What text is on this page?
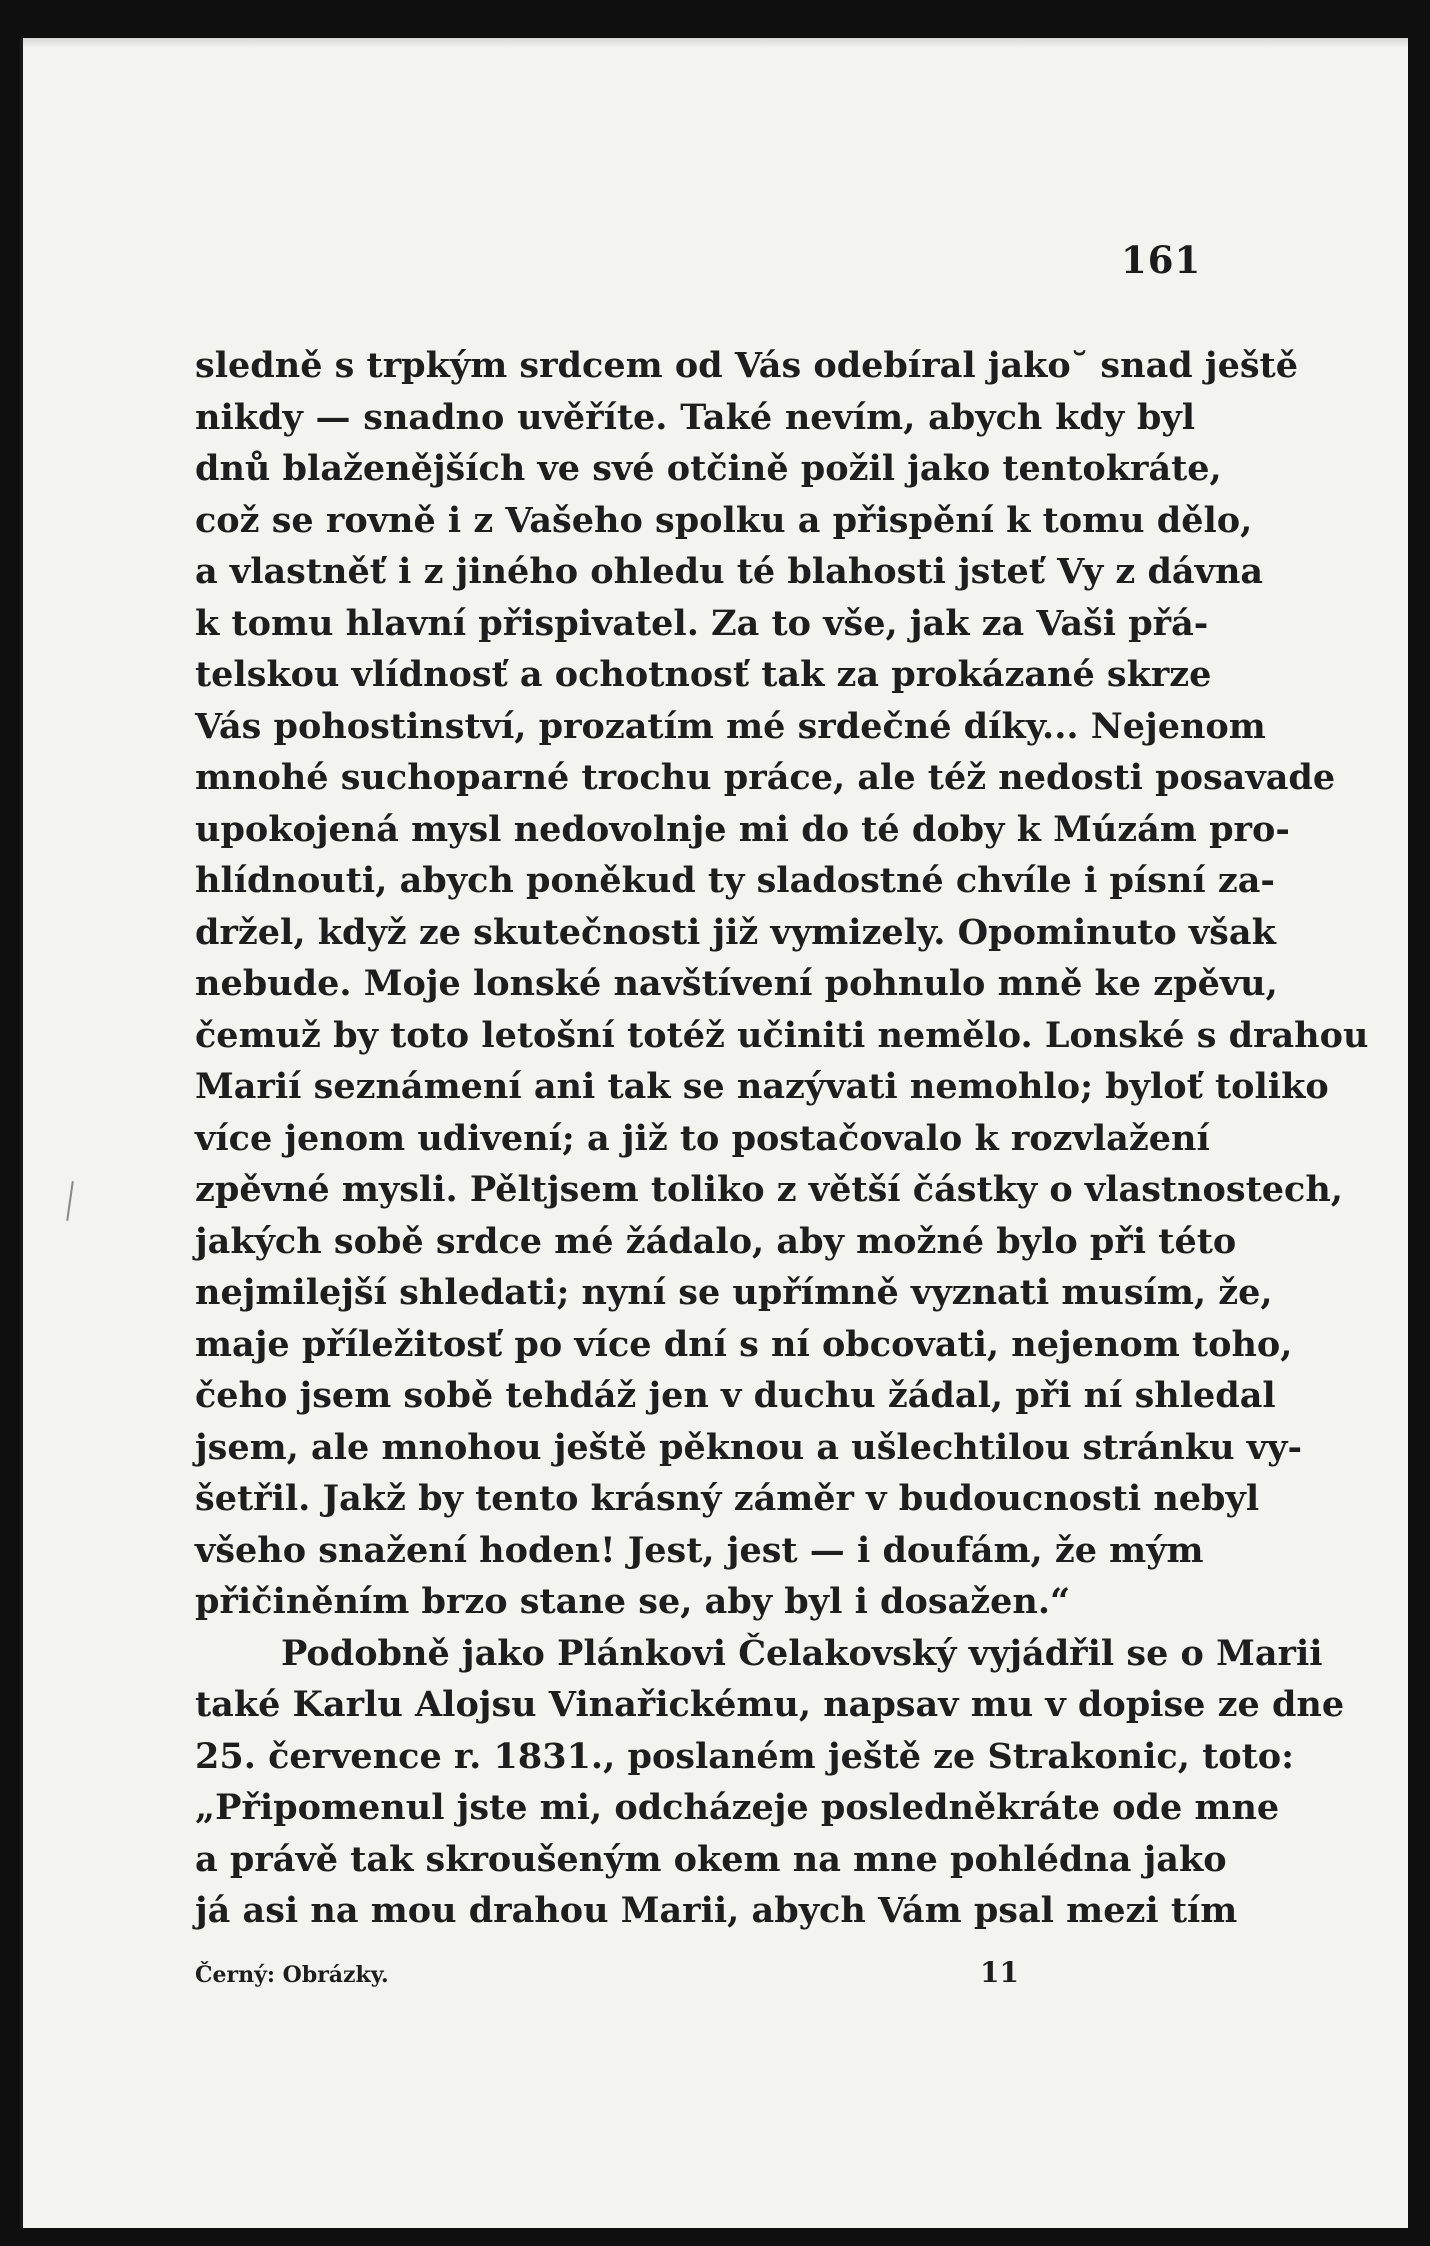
161
sledně s trpkým srdcem od Vás odebíral jako˘ snad ještě
nikdy — snadno uvěříte. Také nevím, abych kdy byl
dnů blaženějších ve své otčině požil jako tentokráte,
což se rovně i z Vašeho spolku a přispění k tomu dělo,
a vlastněť i z jiného ohledu té blahosti jsteť Vy z dávna
k tomu hlavní přispivatel. Za to vše, jak za Vaši přá-
telskou vlídnosť a ochotnosť tak za prokázané skrze
Vás pohostinství, prozatím mé srdečné díky... Nejenom
mnohé suchoparné trochu práce, ale též nedosti posavade
upokojená mysl nedovolnje mi do té doby k Múzám pro-
hlídnouti, abych poněkud ty sladostné chvíle i písní za-
držel, když ze skutečnosti již vymizely. Opominuto však
nebude. Moje lonské navštívení pohnulo mně ke zpěvu,
čemuž by toto letošní totéž učiniti nemělo. Lonské s drahou
Marií seznámení ani tak se nazývati nemohlo; byloť toliko
více jenom udivení; a již to postačovalo k rozvlažení
zpěvné mysli. Pěltjsem toliko z větší částky o vlastnostech,
jakých sobě srdce mé žádalo, aby možné bylo při této
nejmilejší shledati; nyní se upřímně vyznati musím, že,
maje příležitosť po více dní s ní obcovati, nejenom toho,
čeho jsem sobě tehdáž jen v duchu žádal, při ní shledal
jsem, ale mnohou ještě pěknou a ušlechtilou stránku vy-
šetřil. Jakž by tento krásný záměr v budoucnosti nebyl
všeho snažení hoden! Jest, jest — i doufám, že mým
přičiněním brzo stane se, aby byl i dosažen.“
Podobně jako Plánkovi Čelakovský vyjádřil se o Marii
také Karlu Alojsu Vinařickému, napsav mu v dopise ze dne
25. července r. 1831., poslaném ještě ze Strakonic, toto:
„Připomenul jste mi, odcházeje posledněkráte ode mne
a právě tak skroušeným okem na mne pohlédna jako
já asi na mou drahou Marii, abych Vám psal mezi tím
Černý: Obrázky.	11
